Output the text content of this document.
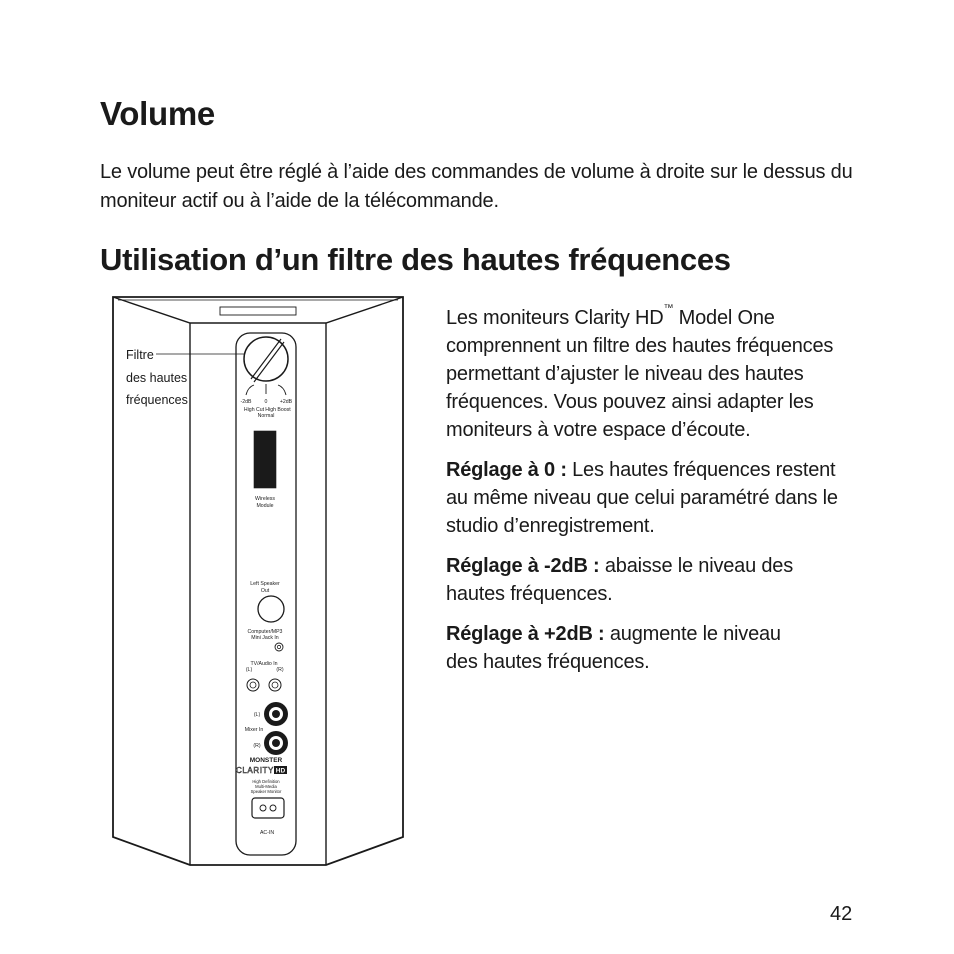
Volume
Le volume peut être réglé à l’aide des commandes de volume à droite sur le dessus du moniteur actif ou à l’aide de la télécommande.
Utilisation d’un filtre des hautes fréquences
-2dB	0 +2dB
High Cut High Boost
Normal
Wireless
Module
Left Speaker
Out
Computer/MP3
Mini Jack In
TV/Audio In
(L)	(R)
(L)
Mixer In
(R)
MONSTER
CLARITY HD
High Definition
Multi-Media
Speaker Monitor
AC-IN
Filtre
des hautes
fréquences

Les moniteurs Clarity HD™ Model One comprennent un filtre des hautes fréquences permettant d’ajuster le niveau des hautes fréquences. Vous pouvez ainsi adapter les moniteurs à votre espace d’écoute.

Réglage à 0 : Les hautes fréquences restent au même niveau que celui paramétré dans le studio d’enregistrement.

Réglage à -2dB : abaisse le niveau des hautes fréquences.

Réglage à +2dB : augmente le niveau des hautes fréquences.

42
